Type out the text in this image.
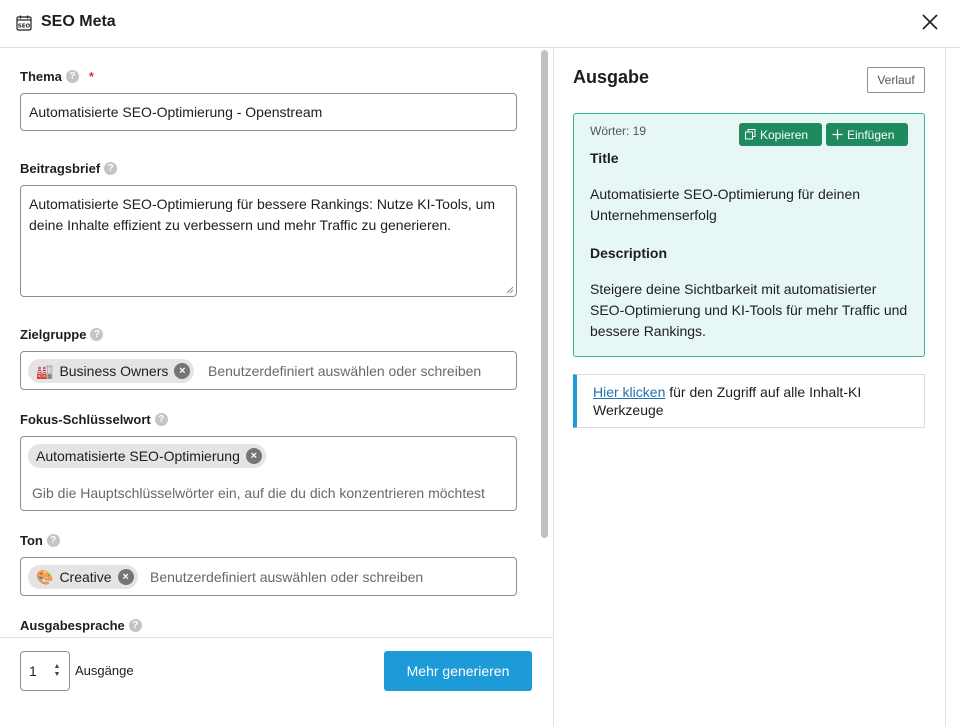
SEO SEO Meta
Thema ? *
Automatisierte SEO-Optimierung - Openstream
Beitragsbrief ?
Automatisierte SEO-Optimierung für bessere Rankings: Nutze KI-Tools, um deine Inhalte effizient zu verbessern und mehr Traffic zu generieren.
Zielgruppe ?
🏭 Business Owners ×	Benutzerdefiniert auswählen oder schreiben
Fokus-Schlüsselwort ?
Automatisierte SEO-Optimierung ×
Gib die Hauptschlüsselwörter ein, auf die du dich konzentrieren möchtest
Ton ?
🎨 Creative ×	Benutzerdefiniert auswählen oder schreiben
Ausgabesprache ?
1 ▲
▼ Ausgänge	Mehr generieren
Ausgabe	Verlauf
Wörter: 19	Kopieren	Einfügen
Title
Automatisierte SEO-Optimierung für deinen Unternehmenserfolg
Description
Steigere deine Sichtbarkeit mit automatisierter SEO-Optimierung und KI-Tools für mehr Traffic und bessere Rankings.
Hier klicken für den Zugriff auf alle Inhalt-KI Werkzeuge
